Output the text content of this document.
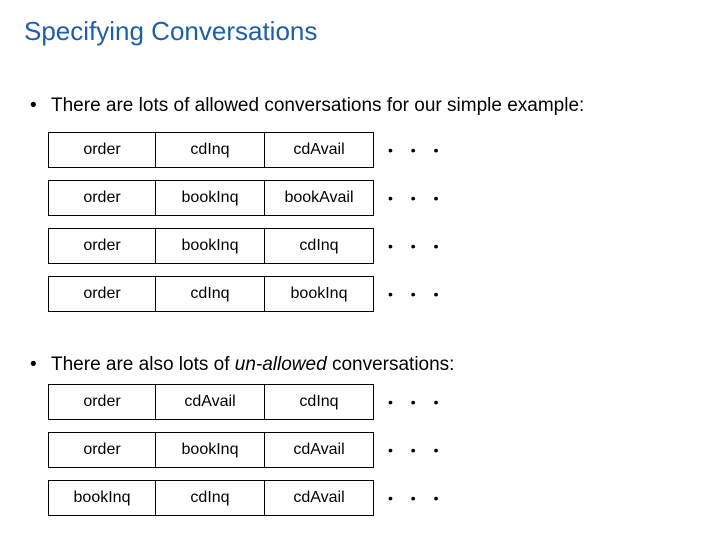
Specifying Conversations
• There are lots of allowed conversations for our simple example:
order	cdInq	cdAvail	• • •
order	bookInq	bookAvail	• • •
order	bookInq	cdInq	• • •
order	cdInq	bookInq	• • •
• There are also lots of un-allowed conversations:
order	cdAvail	cdInq	• • •
order	bookInq	cdAvail	• • •
bookInq	cdInq	cdAvail	• • •
